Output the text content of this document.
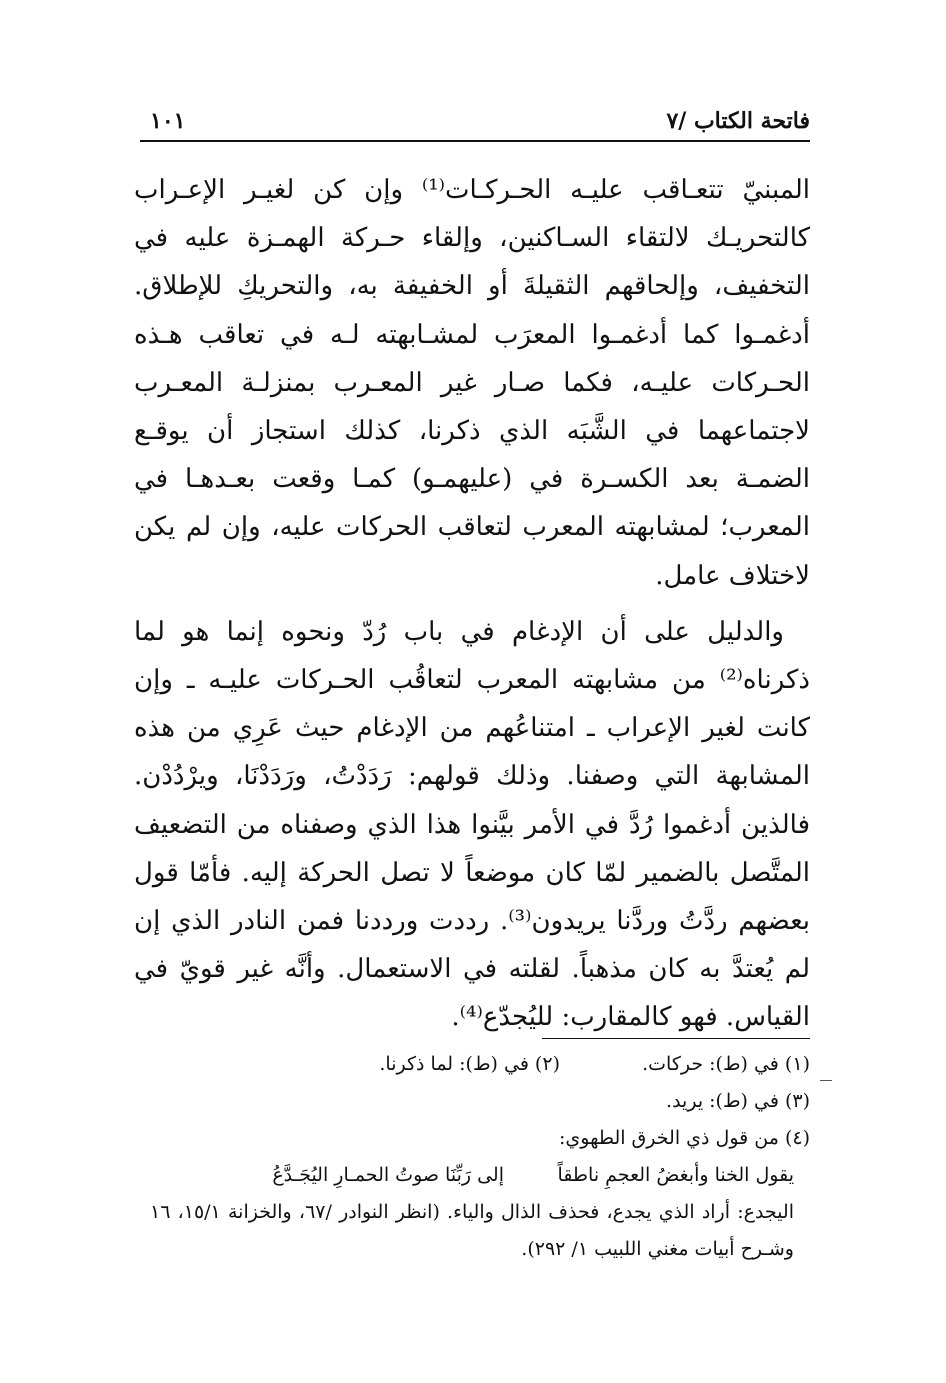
فاتحة الكتاب /٧
١٠١

المبنيّ تتعـاقب عليـه الحـركـات⁽¹⁾ وإن كن لغيـر الإعـراب كالتحريـك لالتقاء السـاكنين، وإلقاء حـركة الهمـزة عليه في التخفيف، وإلحاقهم الثقيلةَ أو الخفيفة به، والتحريكِ للإطلاق. أدغمـوا كما أدغمـوا المعرَب لمشـابهته لـه في تعاقب هـذه الحـركات عليـه، فكما صـار غير المعـرب بمنزلـة المعـرب لاجتماعهما في الشَّبَه الذي ذكرنا، كذلك استجاز أن يوقـع الضمـة بعد الكسـرة في (عليهمـو) كمـا وقعت بعـدهـا في المعرب؛ لمشابهته المعرب لتعاقب الحركات عليه، وإن لم يكن لاختلاف عامل.

والدليل على أن الإدغام في باب رُدّ ونحوه إنما هو لما ذكرناه⁽²⁾ من مشابهته المعرب لتعاقُب الحـركات عليـه ـ وإن كانت لغير الإعراب ـ امتناعُهم من الإدغام حيث عَرِي من هذه المشابهة التي وصفنا. وذلك قولهم: رَدَدْتُ، ورَدَدْنَا، ويرْدُدْن. فالذين أدغموا رُدَّ في الأمر بيَّنوا هذا الذي وصفناه من التضعيف المتَّصل بالضمير لمّا كان موضعاً لا تصل الحركة إليه. فأمّا قول بعضهم ردَّتُ وردَّنا يريدون⁽³⁾. رددت ورددنا فمن النادر الذي إن لم يُعتدَّ به كان مذهباً. لقلته في الاستعمال. وأنَّه غير قويّ في القياس. فهو كالمقارب: لليُجدّع⁽⁴⁾.

(١) في (ط): حركات.
(٢) في (ط): لما ذكرنا.
(٣) في (ط): يريد.
(٤) من قول ذي الخرق الطهوي:
يقول الخنا وأبغضُ العجمِ ناطقاً
إلى رَبِّنَا صوتُ الحمـارِ اليُجَـدَّعُ
اليجدع: أراد الذي يجدع، فحذف الذال والياء. (انظر النوادر /٦٧، والخزانة ١٥/١، ١٦ وشـرح أبيات مغني اللبيب ١/ ٢٩٢).
